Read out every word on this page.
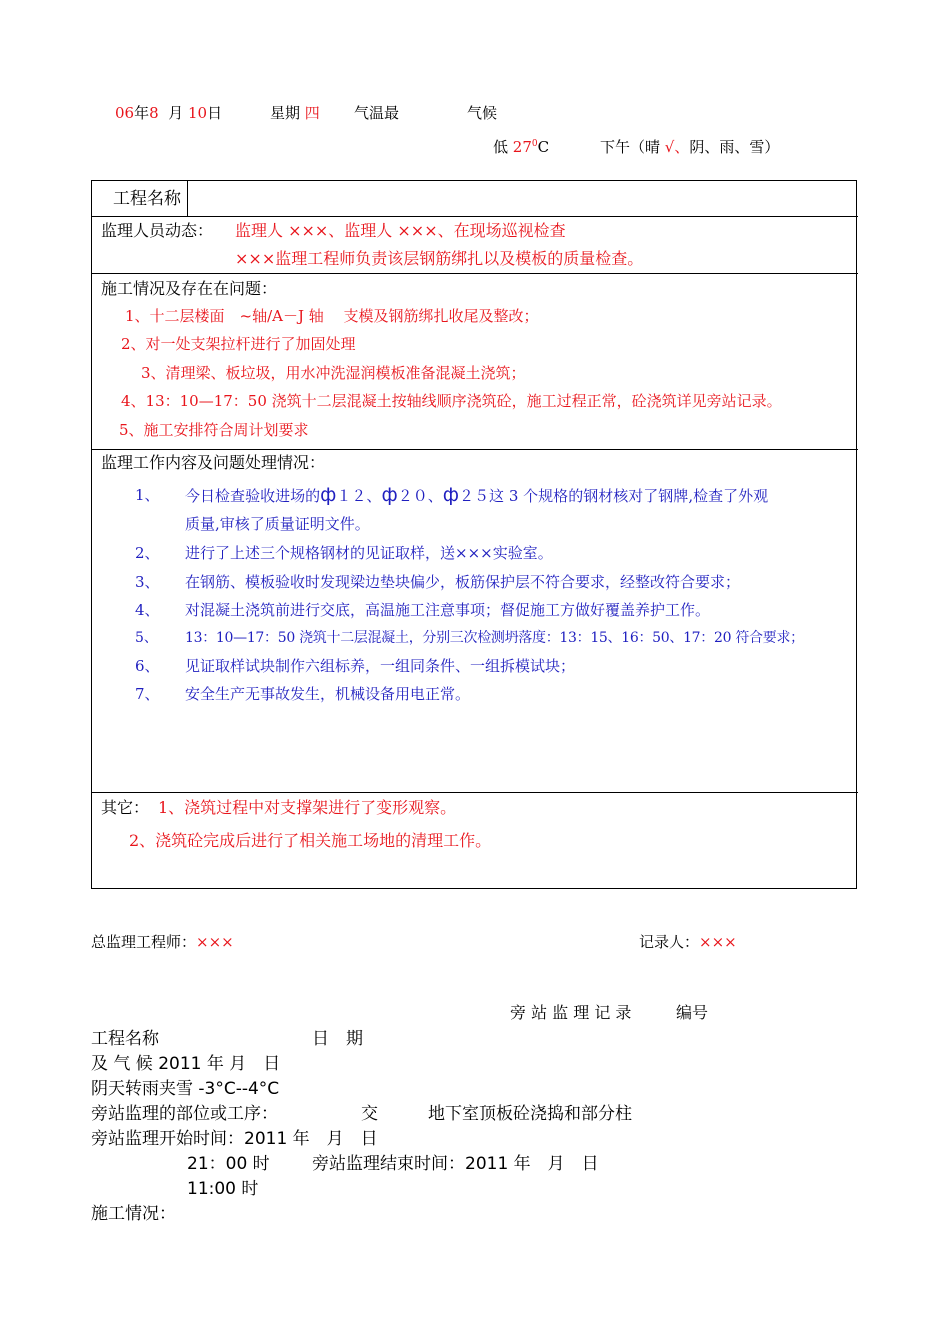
06年8 月 10日	星期 四 气温最	气候
低 $27^0C$	下午（晴 √、阴、雨、雪）
工程名称
监理人员动态： 监理人 ×××、监理人 ×××、在现场巡视检查
×××监理工程师负责该层钢筋绑扎以及模板的质量检查。
施工情况及存在在问题：
1、十二层楼面　~轴/A－J 轴　 支模及钢筋绑扎收尾及整改；
2、对一处支架拉杆进行了加固处理
3、清理梁、板垃圾，用水冲洗湿润模板准备混凝土浇筑；
4、13：10—17：50 浇筑十二层混凝土按轴线顺序浇筑砼，施工过程正常，砼浇筑详见旁站记录。
5、施工安排符合周计划要求
监理工作内容及问题处理情况：
1、 今日检查验收进场的ф１２、ф２０、ф２５这 3 个规格的钢材核对了钢牌,检查了外观
质量,审核了质量证明文件。
2、 进行了上述三个规格钢材的见证取样，送×××实验室。
3、 在钢筋、模板验收时发现梁边垫块偏少，板筋保护层不符合要求，经整改符合要求；
4、 对混凝土浇筑前进行交底，高温施工注意事项；督促施工方做好覆盖养护工作。
5、 13：10—17：50 浇筑十二层混凝土，分别三次检测坍落度：13：15、16：50、17：20 符合要求；
6、 见证取样试块制作六组标养，一组同条件、一组拆模试块；
7、 安全生产无事故发生，机械设备用电正常。
其它： 1、浇筑过程中对支撑架进行了变形观察。
2、浇筑砼完成后进行了相关施工场地的清理工作。
总监理工程师：×××	记录人：×××
旁 站 监 理 记 录	编号
工程名称	日　期
及 气 候 2011 年 月　日
阴天转雨夹雪 -3°C--4°C
旁站监理的部位或工序：	交	地下室顶板砼浇捣和部分柱
旁站监理开始时间：2011 年　月　日
21：00 时 旁站监理结束时间：2011 年　月　日
11:00 时
施工情况：
